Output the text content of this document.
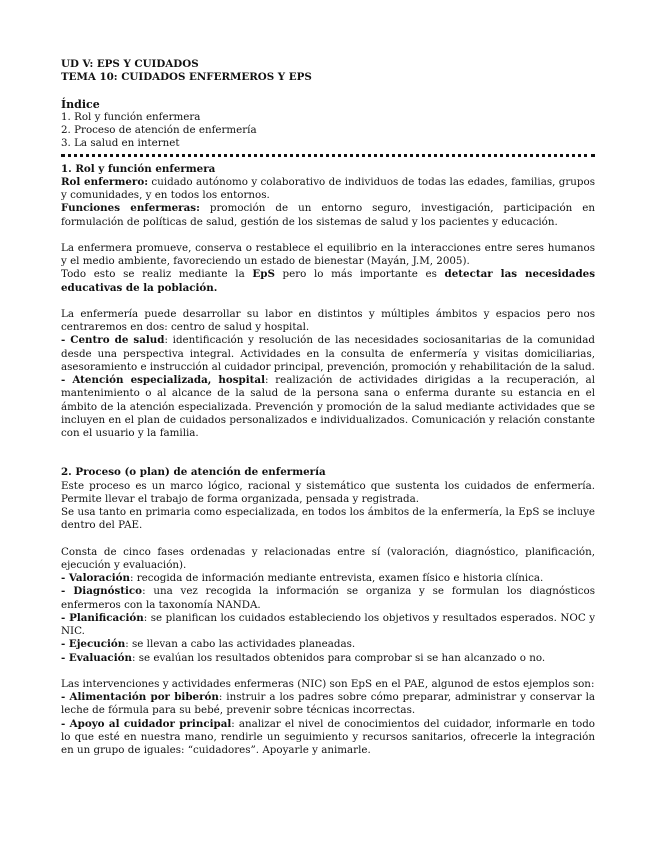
UD V: EPS Y CUIDADOS

TEMA 10: CUIDADOS ENFERMEROS Y EPS

Índice

1. Rol y función enfermera

2. Proceso de atención de enfermería

3. La salud en internet

1. Rol y función enfermera

Rol enfermero: cuidado autónomo y colaborativo de individuos de todas las edades, familias, grupos y comunidades, y en todos los entornos.

Funciones enfermeras: promoción de un entorno seguro, investigación, participación en formulación de políticas de salud, gestión de los sistemas de salud y los pacientes y educación.

La enfermera promueve, conserva o restablece el equilibrio en la interacciones entre seres humanos y el medio ambiente, favoreciendo un estado de bienestar (Mayán, J.M, 2005).

Todo esto se realiz mediante la EpS pero lo más importante es detectar las necesidades educativas de la población.

La enfermería puede desarrollar su labor en distintos y múltiples ámbitos y espacios pero nos centraremos en dos: centro de salud y hospital.

- Centro de salud: identificación y resolución de las necesidades sociosanitarias de la comunidad desde una perspectiva integral. Actividades en la consulta de enfermería y visitas domiciliarias, asesoramiento e instrucción al cuidador principal, prevención, promoción y rehabilitación de la salud.

- Atención especializada, hospital: realización de actividades dirigidas a la recuperación, al mantenimiento o al alcance de la salud de la persona sana o enferma durante su estancia en el ámbito de la atención especializada. Prevención y promoción de la salud mediante actividades que se incluyen en el plan de cuidados personalizados e individualizados. Comunicación y relación constante con el usuario y la familia.

2. Proceso (o plan) de atención de enfermería

Este proceso es un marco lógico, racional y sistemático que sustenta los cuidados de enfermería. Permite llevar el trabajo de forma organizada, pensada y registrada.

Se usa tanto en primaria como especializada, en todos los ámbitos de la enfermería, la EpS se incluye dentro del PAE.

Consta de cinco fases ordenadas y relacionadas entre sí (valoración, diagnóstico, planificación, ejecución y evaluación).

- Valoración: recogida de información mediante entrevista, examen físico e historia clínica.

- Diagnóstico: una vez recogida la información se organiza y se formulan los diagnósticos enfermeros con la taxonomía NANDA.

- Planificación: se planifican los cuidados estableciendo los objetivos y resultados esperados. NOC y NIC.

- Ejecución: se llevan a cabo las actividades planeadas.

- Evaluación: se evalúan los resultados obtenidos para comprobar si se han alcanzado o no.

Las intervenciones y actividades enfermeras (NIC) son EpS en el PAE, algunod de estos ejemplos son:

- Alimentación por biberón: instruir a los padres sobre cómo preparar, administrar y conservar la leche de fórmula para su bebé, prevenir sobre técnicas incorrectas.

- Apoyo al cuidador principal: analizar el nivel de conocimientos del cuidador, informarle en todo lo que esté en nuestra mano, rendirle un seguimiento y recursos sanitarios, ofrecerle la integración en un grupo de iguales: “cuidadores”. Apoyarle y animarle.
